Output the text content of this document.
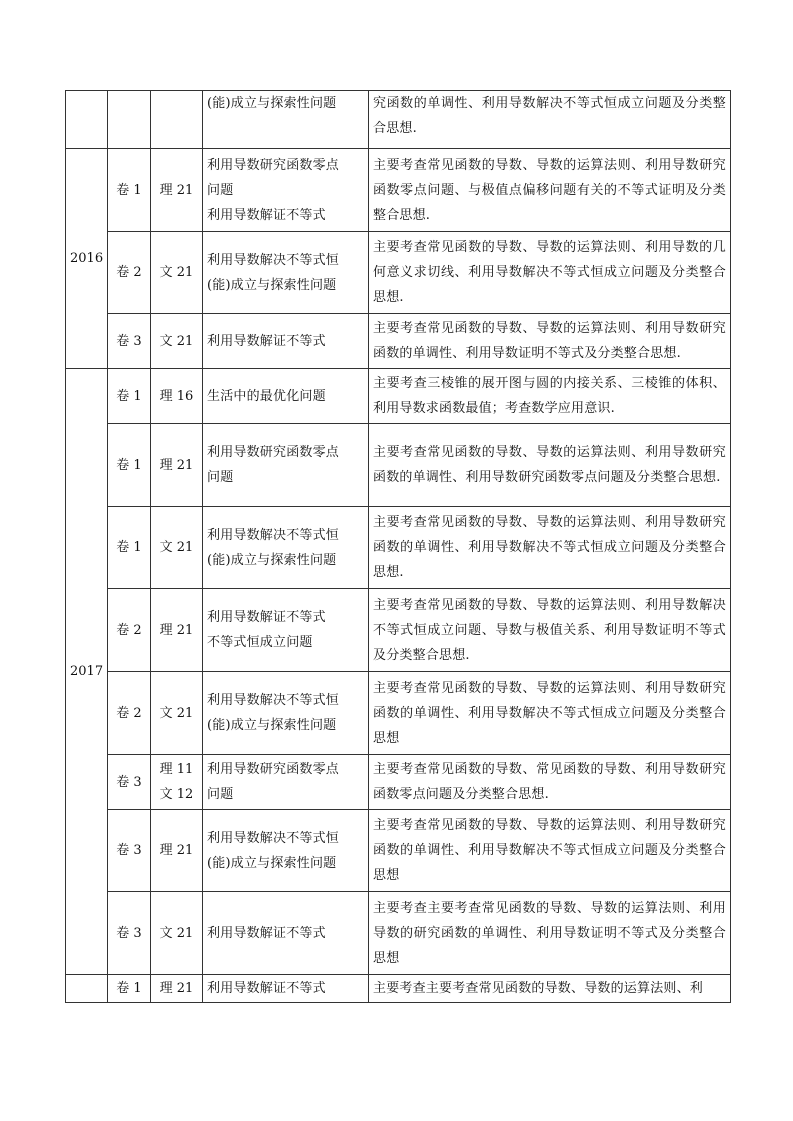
			(能)成立与探索性问题	究函数的单调性、利用导数解决不等式恒成立问题及分类整合思想.
2016	卷 1	理 21	利用导数研究函数零点
问题
利用导数解证不等式	主要考查常见函数的导数、导数的运算法则、利用导数研究函数零点问题、与极值点偏移问题有关的不等式证明及分类整合思想.
	卷 2	文 21	利用导数解决不等式恒
(能)成立与探索性问题	主要考查常见函数的导数、导数的运算法则、利用导数的几何意义求切线、利用导数解决不等式恒成立问题及分类整合思想.
	卷 3	文 21	利用导数解证不等式	主要考查常见函数的导数、导数的运算法则、利用导数研究函数的单调性、利用导数证明不等式及分类整合思想.
2017	卷 1	理 16	生活中的最优化问题	主要考查三棱锥的展开图与圆的内接关系、三棱锥的体积、利用导数求函数最值；考查数学应用意识.
	卷 1	理 21	利用导数研究函数零点
问题	主要考查常见函数的导数、导数的运算法则、利用导数研究函数的单调性、利用导数研究函数零点问题及分类整合思想.
	卷 1	文 21	利用导数解决不等式恒
(能)成立与探索性问题	主要考查常见函数的导数、导数的运算法则、利用导数研究函数的单调性、利用导数解决不等式恒成立问题及分类整合思想.
	卷 2	理 21	利用导数解证不等式
不等式恒成立问题	主要考查常见函数的导数、导数的运算法则、利用导数解决不等式恒成立问题、导数与极值关系、利用导数证明不等式及分类整合思想.
	卷 2	文 21	利用导数解决不等式恒
(能)成立与探索性问题	主要考查常见函数的导数、导数的运算法则、利用导数研究函数的单调性、利用导数解决不等式恒成立问题及分类整合思想
	卷 3	理 11
文 12	利用导数研究函数零点
问题	主要考查常见函数的导数、常见函数的导数、利用导数研究函数零点问题及分类整合思想.
	卷 3	理 21	利用导数解决不等式恒
(能)成立与探索性问题	主要考查常见函数的导数、导数的运算法则、利用导数研究函数的单调性、利用导数解决不等式恒成立问题及分类整合思想
	卷 3	文 21	利用导数解证不等式	主要考查主要考查常见函数的导数、导数的运算法则、利用导数的研究函数的单调性、利用导数证明不等式及分类整合思想
	卷 1	理 21	利用导数解证不等式	主要考查主要考查常见函数的导数、导数的运算法则、利
